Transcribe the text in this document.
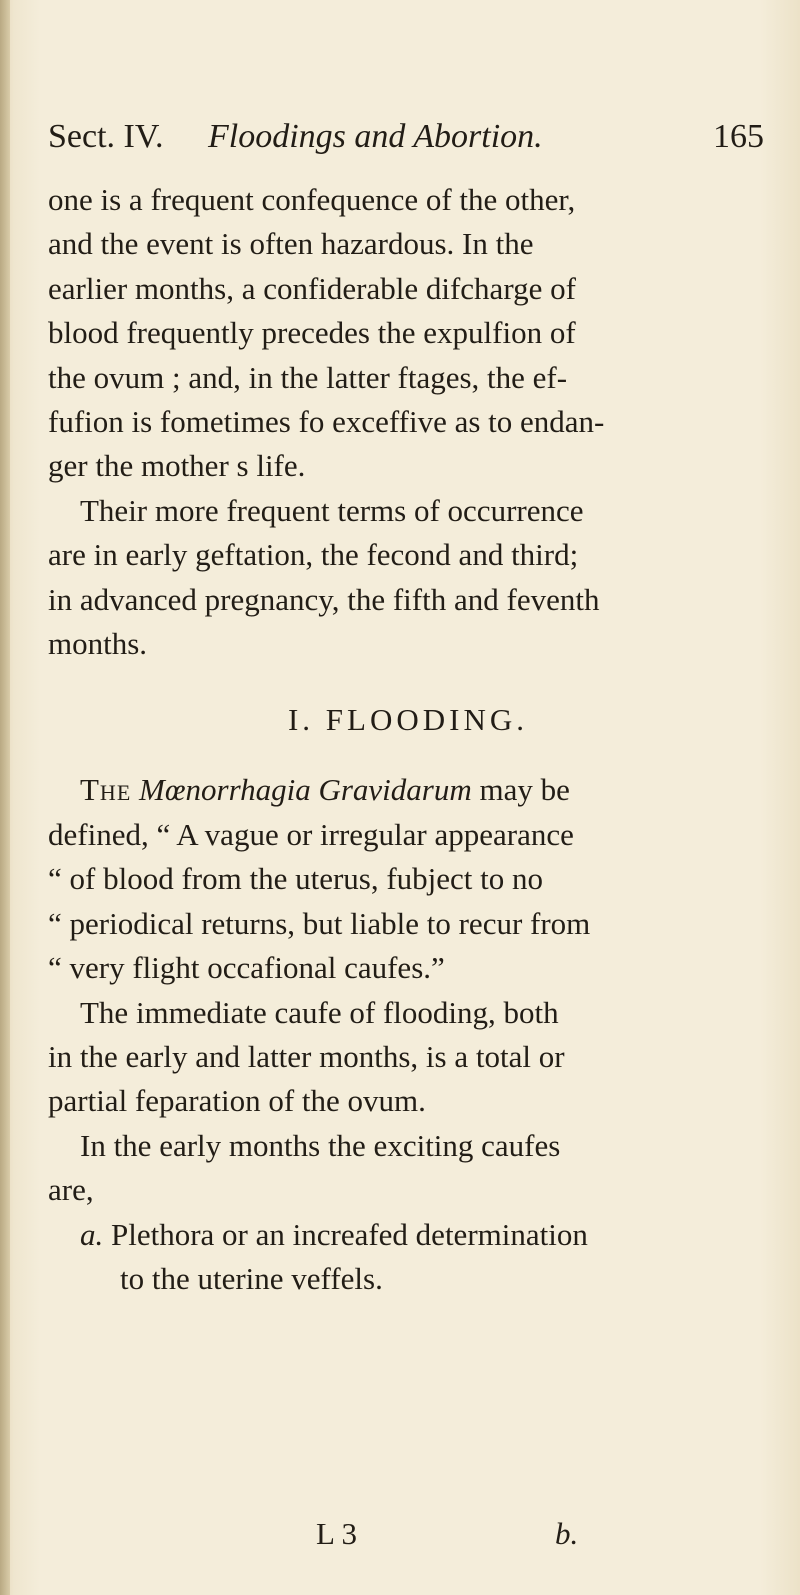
Sect. IV. Floodings and Abortion.	165

one is a frequent confequence of the other,
and the event is often hazardous. In the
earlier months, a confiderable difcharge of
blood frequently precedes the expulfion of
the ovum ; and, in the latter ftages, the ef-
fufion is fometimes fo exceffive as to endan-
ger the mother s life.

Their more frequent terms of occurrence
are in early geftation, the fecond and third;
in advanced pregnancy, the fifth and feventh
months.

I. FLOODING.

The Mœnorrhagia Gravidarum may be
defined, “ A vague or irregular appearance
“ of blood from the uterus, fubject to no
“ periodical returns, but liable to recur from
“ very flight occafional caufes.”

The immediate caufe of flooding, both
in the early and latter months, is a total or
partial feparation of the ovum.

In the early months the exciting caufes
are,

a. Plethora or an increafed determination
to the uterine veffels.

L 3	b.
